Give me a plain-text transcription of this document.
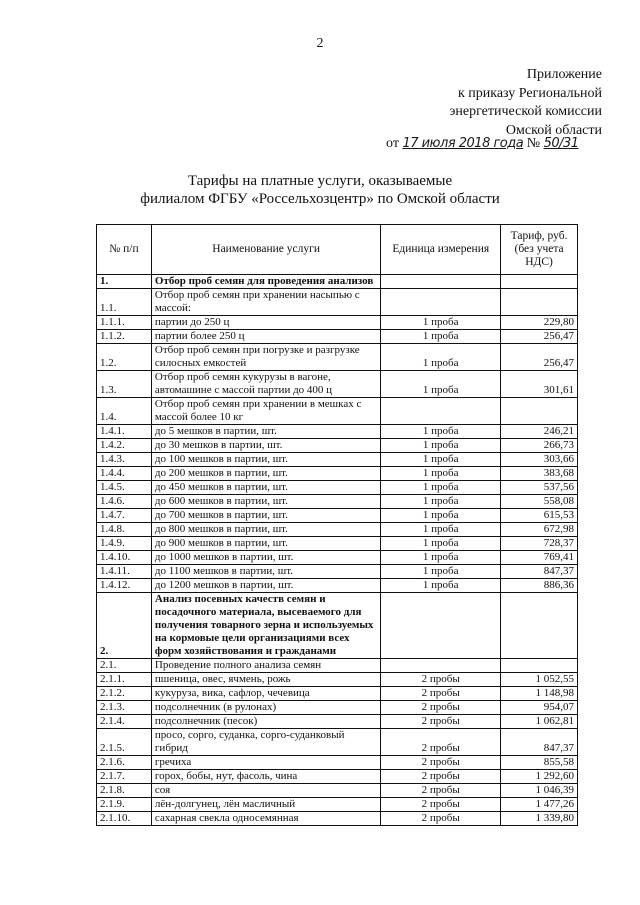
2
Приложение
к приказу Региональной
энергетической комиссии
Омской области
от 17 июля 2018 года № 50/31
Тарифы на платные услуги, оказываемые
филиалом ФГБУ «Россельхозцентр» по Омской области
№ п/п	Наименование услуги	Единица измерения	Тариф, руб.
(без учета
НДС)

1.	Отбор проб семян для проведения анализов		
1.1.	Отбор проб семян при хранении насыпью с массой:		
1.1.1.	партии до 250 ц	1 проба	229,80
1.1.2.	партии более 250 ц	1 проба	256,47
1.2.	Отбор проб семян при погрузке и разгрузке силосных емкостей	1 проба	256,47
1.3.	Отбор проб семян кукурузы в вагоне, автомашине с массой партии до 400 ц	1 проба	301,61
1.4.	Отбор проб семян при хранении в мешках с массой более 10 кг		
1.4.1.	до 5 мешков в партии, шт.	1 проба	246,21
1.4.2.	до 30 мешков в партии, шт.	1 проба	266,73
1.4.3.	до 100 мешков в партии, шт.	1 проба	303,66
1.4.4.	до 200 мешков в партии, шт.	1 проба	383,68
1.4.5.	до 450 мешков в партии, шт.	1 проба	537,56
1.4.6.	до 600 мешков в партии, шт.	1 проба	558,08
1.4.7.	до 700 мешков в партии, шт.	1 проба	615,53
1.4.8.	до 800 мешков в партии, шт.	1 проба	672,98
1.4.9.	до 900 мешков в партии, шт.	1 проба	728,37
1.4.10.	до 1000 мешков в партии, шт.	1 проба	769,41
1.4.11.	до 1100 мешков в партии, шт.	1 проба	847,37
1.4.12.	до 1200 мешков в партии, шт.	1 проба	886,36
2.	Анализ посевных качеств семян и посадочного материала, высеваемого для получения товарного зерна и используемых на кормовые цели организациями всех форм хозяйствования и гражданами		
2.1.	Проведение полного анализа семян		
2.1.1.	пшеница, овес, ячмень, рожь	2 пробы	1 052,55
2.1.2.	кукуруза, вика, сафлор, чечевица	2 пробы	1 148,98
2.1.3.	подсолнечник (в рулонах)	2 пробы	954,07
2.1.4.	подсолнечник (песок)	2 пробы	1 062,81
2.1.5.	просо, сорго, суданка, сорго-суданковый гибрид	2 пробы	847,37
2.1.6.	гречиха	2 пробы	855,58
2.1.7.	горох, бобы, нут, фасоль, чина	2 пробы	1 292,60
2.1.8.	соя	2 пробы	1 046,39
2.1.9.	лён-долгунец, лён масличный	2 пробы	1 477,26
2.1.10.	сахарная свекла односемянная	2 пробы	1 339,80
